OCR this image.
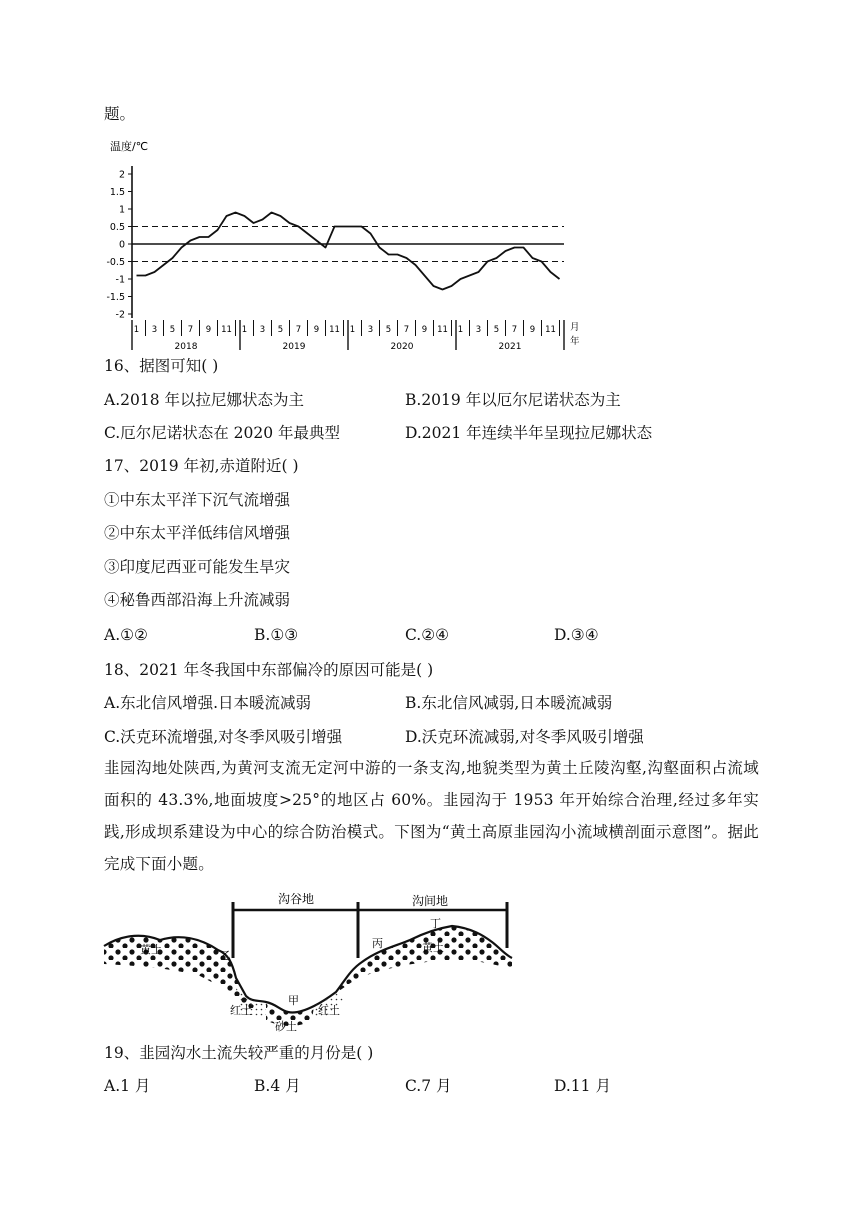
题。
温度/℃
2
1.5
1
0.5
0
-0.5
-1
-1.5
-2
1 3 5 7 9 11
2018
1 3 5 7 9 11
2019
1 3 5 7 9 11
2020
1 3 5 7 9 11
2021
月
年
16、据图可知( )
A.2018 年以拉尼娜状态为主	B.2019 年以厄尔尼诺状态为主
C.厄尔尼诺状态在 2020 年最典型	D.2021 年连续半年呈现拉尼娜状态
17、2019 年初,赤道附近( )
①中东太平洋下沉气流增强
②中东太平洋低纬信风增强
③印度尼西亚可能发生旱灾
④秘鲁西部沿海上升流减弱
A.①②	B.①③	C.②④	D.③④
18、2021 年冬我国中东部偏冷的原因可能是( )
A.东北信风增强.日本暖流减弱	B.东北信风减弱,日本暖流减弱
C.沃克环流增强,对冬季风吸引增强	D.沃克环流减弱,对冬季风吸引增强
韭园沟地处陕西,为黄河支流无定河中游的一条支沟,地貌类型为黄土丘陵沟壑,沟壑面积占流域面积的 43.3%,地面坡度>25°的地区占 60%。韭园沟于 1953 年开始综合治理,经过多年实践,形成坝系建设为中心的综合防治模式。下图为“黄土高原韭园沟小流域横剖面示意图”。据此完成下面小题。
沟谷地	沟间地
黄土	黄土
乙
丙
丁
甲
红土	红土
砂土
19、韭园沟水土流失较严重的月份是( )
A.1 月	B.4 月	C.7 月	D.11 月
